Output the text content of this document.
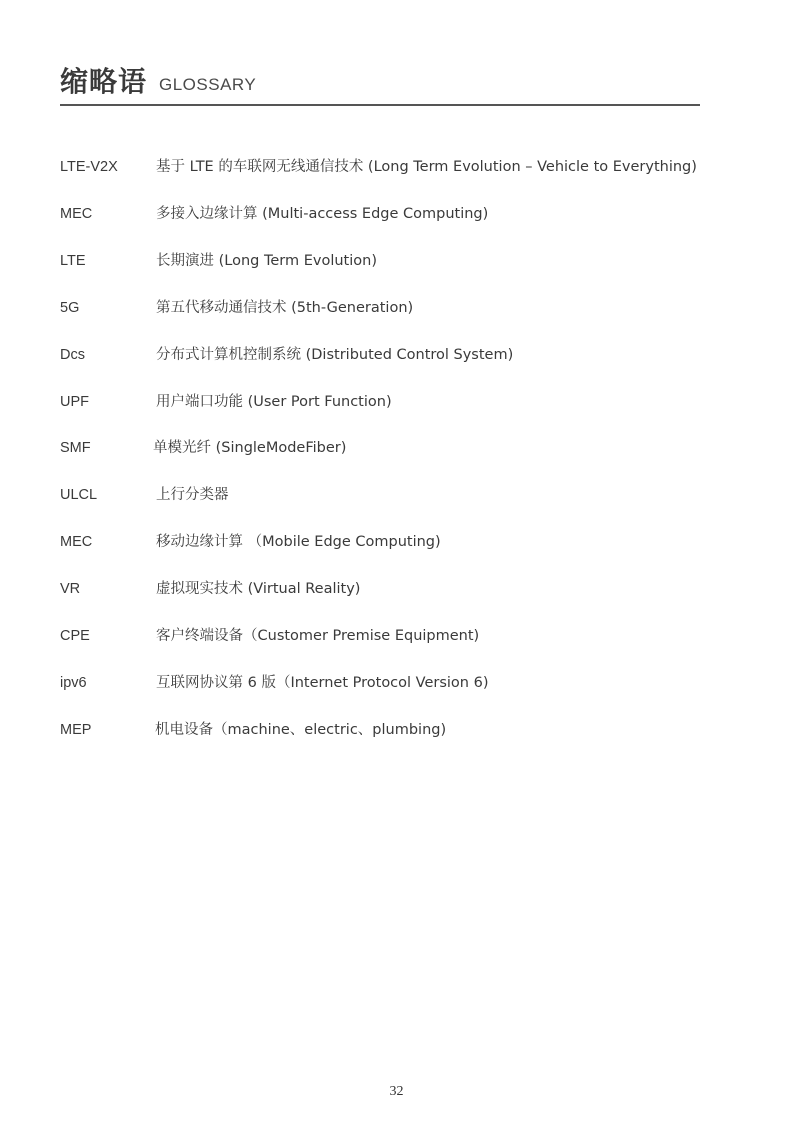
缩略语 GLOSSARY
LTE-V2X	基于 LTE 的车联网无线通信技术 (Long Term Evolution – Vehicle to Everything)
MEC	多接入边缘计算 (Multi-access Edge Computing)
LTE	长期演进 (Long Term Evolution)
5G	第五代移动通信技术 (5th-Generation)
Dcs	分布式计算机控制系统 (Distributed Control System)
UPF	用户端口功能 (User Port Function)
SMF	单模光纤 (SingleModeFiber)
ULCL	上行分类器
MEC	移动边缘计算 （Mobile Edge Computing)
VR	虚拟现实技术 (Virtual Reality)
CPE	客户终端设备（Customer Premise Equipment)
ipv6	互联网协议第 6 版（Internet Protocol Version 6)
MEP	机电设备（machine、electric、plumbing)
32
